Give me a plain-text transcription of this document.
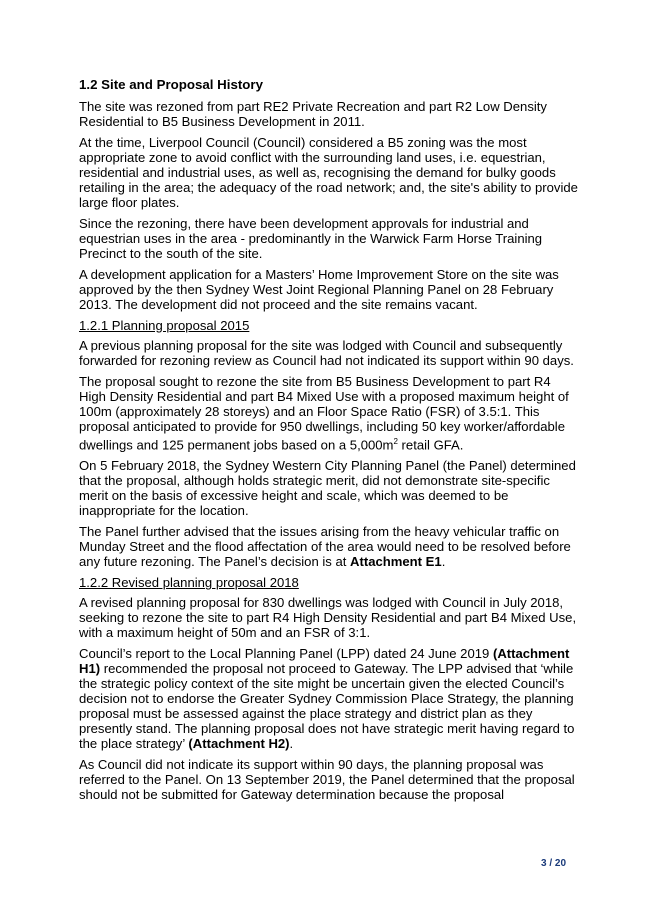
1.2 Site and Proposal History

The site was rezoned from part RE2 Private Recreation and part R2 Low Density Residential to B5 Business Development in 2011.

At the time, Liverpool Council (Council) considered a B5 zoning was the most appropriate zone to avoid conflict with the surrounding land uses, i.e. equestrian, residential and industrial uses, as well as, recognising the demand for bulky goods retailing in the area; the adequacy of the road network; and, the site's ability to provide large floor plates.

Since the rezoning, there have been development approvals for industrial and equestrian uses in the area - predominantly in the Warwick Farm Horse Training Precinct to the south of the site.

A development application for a Masters’ Home Improvement Store on the site was approved by the then Sydney West Joint Regional Planning Panel on 28 February 2013. The development did not proceed and the site remains vacant.

1.2.1 Planning proposal 2015

A previous planning proposal for the site was lodged with Council and subsequently forwarded for rezoning review as Council had not indicated its support within 90 days.

The proposal sought to rezone the site from B5 Business Development to part R4 High Density Residential and part B4 Mixed Use with a proposed maximum height of 100m (approximately 28 storeys) and an Floor Space Ratio (FSR) of 3.5:1. This proposal anticipated to provide for 950 dwellings, including 50 key worker/affordable dwellings and 125 permanent jobs based on a $5,000m^2$ retail GFA.

On 5 February 2018, the Sydney Western City Planning Panel (the Panel) determined that the proposal, although holds strategic merit, did not demonstrate site-specific merit on the basis of excessive height and scale, which was deemed to be inappropriate for the location.

The Panel further advised that the issues arising from the heavy vehicular traffic on Munday Street and the flood affectation of the area would need to be resolved before any future rezoning. The Panel’s decision is at Attachment E1.

1.2.2 Revised planning proposal 2018

A revised planning proposal for 830 dwellings was lodged with Council in July 2018, seeking to rezone the site to part R4 High Density Residential and part B4 Mixed Use, with a maximum height of 50m and an FSR of 3:1.

Council’s report to the Local Planning Panel (LPP) dated 24 June 2019 (Attachment H1) recommended the proposal not proceed to Gateway. The LPP advised that ‘while the strategic policy context of the site might be uncertain given the elected Council’s decision not to endorse the Greater Sydney Commission Place Strategy, the planning proposal must be assessed against the place strategy and district plan as they presently stand. The planning proposal does not have strategic merit having regard to the place strategy’ (Attachment H2).

As Council did not indicate its support within 90 days, the planning proposal was referred to the Panel. On 13 September 2019, the Panel determined that the proposal should not be submitted for Gateway determination because the proposal

3 / 20
